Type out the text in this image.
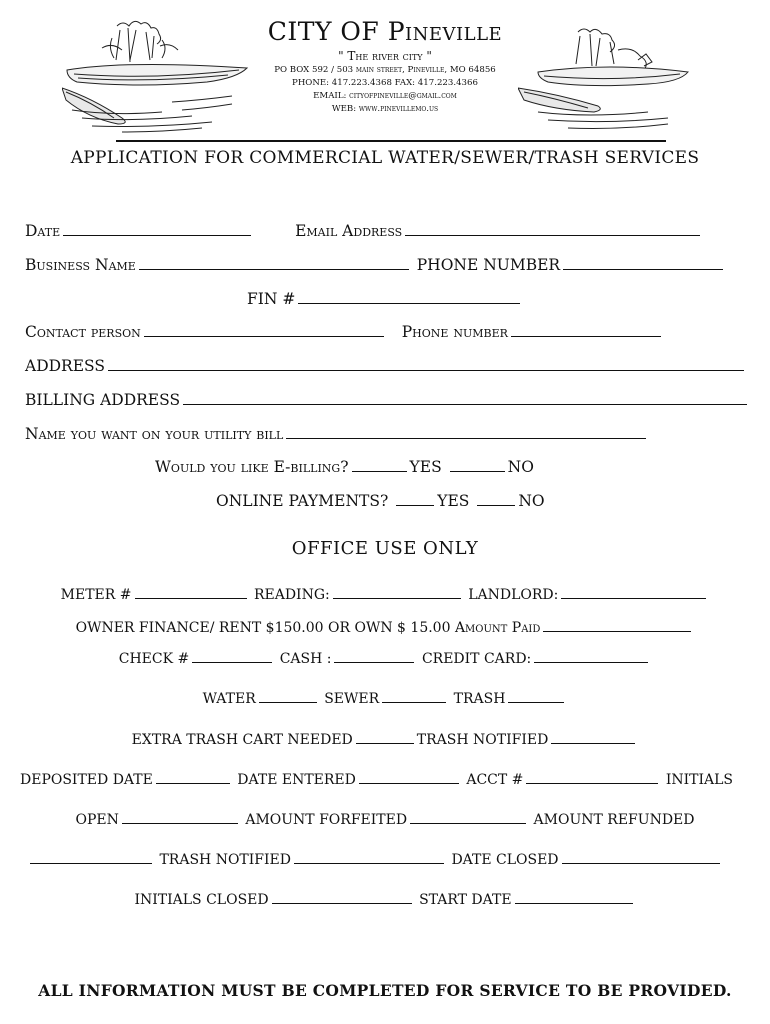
CITY OF Pineville
" The river city "
PO BOX 592 / 503 main street, Pineville, MO 64856
PHONE: 417.223.4368 FAX: 417.223.4366
EMAIL: cityofpineville@gmail.com
WEB: www.pinevillemo.us
APPLICATION FOR COMMERCIAL WATER/SEWER/TRASH SERVICES
Date	Email Address
Business Name	PHONE NUMBER
FIN #
Contact person	Phone number
ADDRESS
BILLING ADDRESS
Name you want on your utility bill
Would you like E-billing?	YES	NO
ONLINE PAYMENTS?	YES	NO
OFFICE USE ONLY
METER #	READING:	LANDLORD:
OWNER FINANCE/ RENT $150.00 OR OWN $ 15.00 Amount Paid
CHECK #	CASH :	CREDIT CARD:
WATER	SEWER	TRASH
EXTRA TRASH CART NEEDED	TRASH NOTIFIED
DEPOSITED DATE	DATE ENTERED	ACCT #	INITIALS
OPEN	AMOUNT FORFEITED	AMOUNT REFUNDED
TRASH NOTIFIED	DATE CLOSED
INITIALS CLOSED	START DATE
ALL INFORMATION MUST BE COMPLETED FOR SERVICE TO BE PROVIDED.
